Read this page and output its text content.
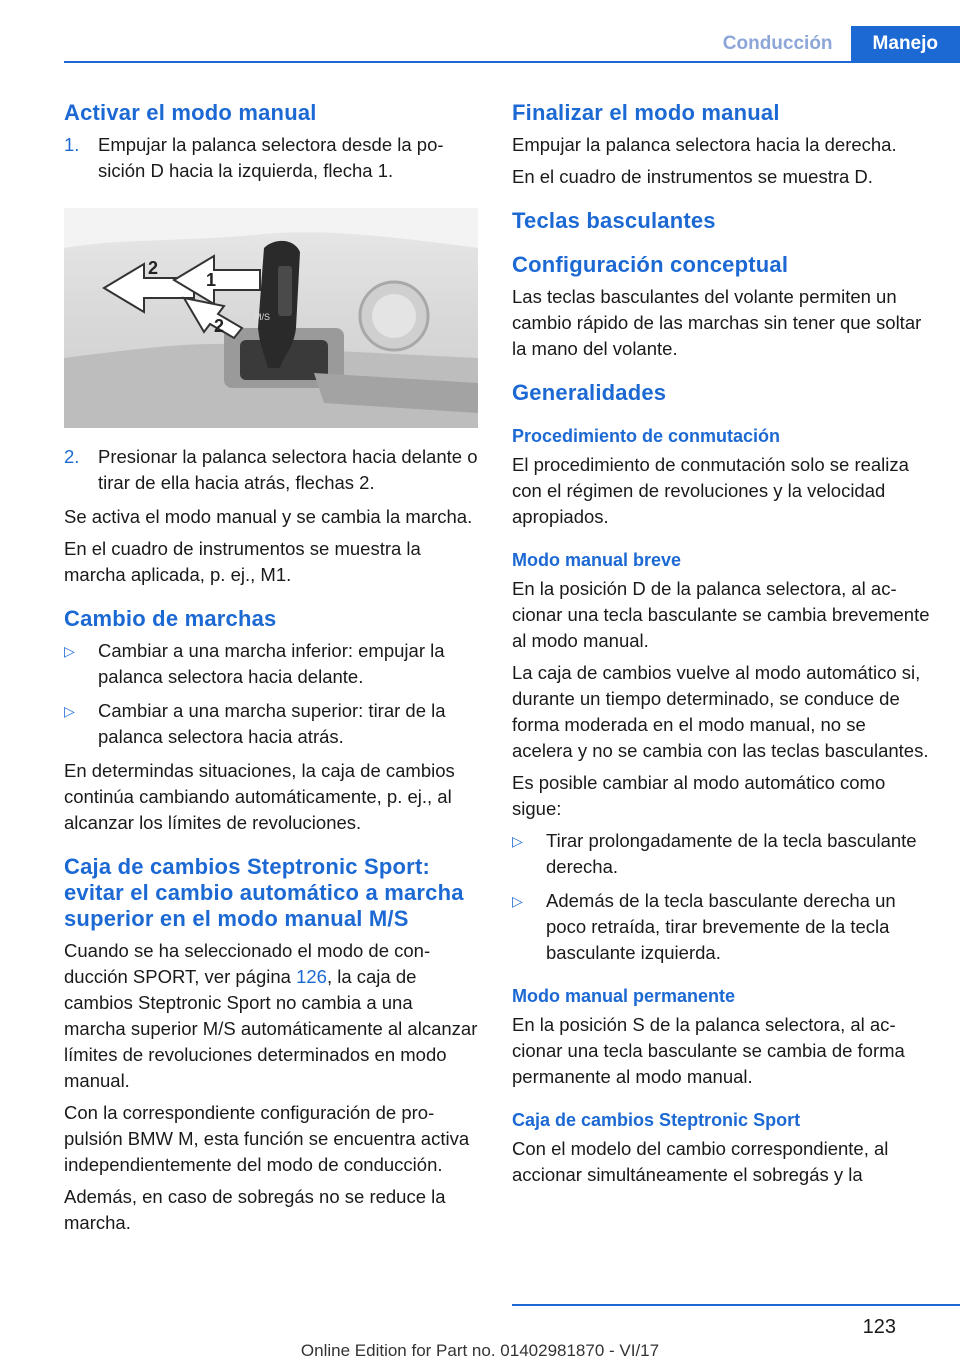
Conducción	Manejo
Activar el modo manual
1.	Empujar la palanca selectora desde la posición D hacia la izquierda, flecha 1.
1
2
2	M/S
2.	Presionar la palanca selectora hacia delante o tirar de ella hacia atrás, flechas 2.

Se activa el modo manual y se cambia la marcha.

En el cuadro de instrumentos se muestra la marcha aplicada, p. ej., M1.

Cambio de marchas
▷	Cambiar a una marcha inferior: empujar la palanca selectora hacia delante.
▷	Cambiar a una marcha superior: tirar de la palanca selectora hacia atrás.

En determindas situaciones, la caja de cambios continúa cambiando automáticamente, p. ej., al alcanzar los límites de revoluciones.

Caja de cambios Steptronic Sport: evitar el cambio automático a marcha superior en el modo manual M/S

Cuando se ha seleccionado el modo de conducción SPORT, ver página 126, la caja de cambios Steptronic Sport no cambia a una marcha superior M/S automáticamente al alcanzar límites de revoluciones determinados en modo manual.

Con la correspondiente configuración de propulsión BMW M, esta función se encuentra activa independientemente del modo de conducción.

Además, en caso de sobregás no se reduce la marcha.

Finalizar el modo manual

Empujar la palanca selectora hacia la derecha.

En el cuadro de instrumentos se muestra D.

Teclas basculantes
Configuración conceptual

Las teclas basculantes del volante permiten un cambio rápido de las marchas sin tener que soltar la mano del volante.

Generalidades
Procedimiento de conmutación

El procedimiento de conmutación solo se realiza con el régimen de revoluciones y la velocidad apropiados.

Modo manual breve

En la posición D de la palanca selectora, al accionar una tecla basculante se cambia brevemente al modo manual.

La caja de cambios vuelve al modo automático si, durante un tiempo determinado, se conduce de forma moderada en el modo manual, no se acelera y no se cambia con las teclas basculantes.

Es posible cambiar al modo automático como sigue:

▷	Tirar prolongadamente de la tecla basculante derecha.
▷	Además de la tecla basculante derecha un poco retraída, tirar brevemente de la tecla basculante izquierda.
Modo manual permanente

En la posición S de la palanca selectora, al accionar una tecla basculante se cambia de forma permanente al modo manual.

Caja de cambios Steptronic Sport

Con el modelo del cambio correspondiente, al accionar simultáneamente el sobregás y la

123
Online Edition for Part no. 01402981870 - VI/17
